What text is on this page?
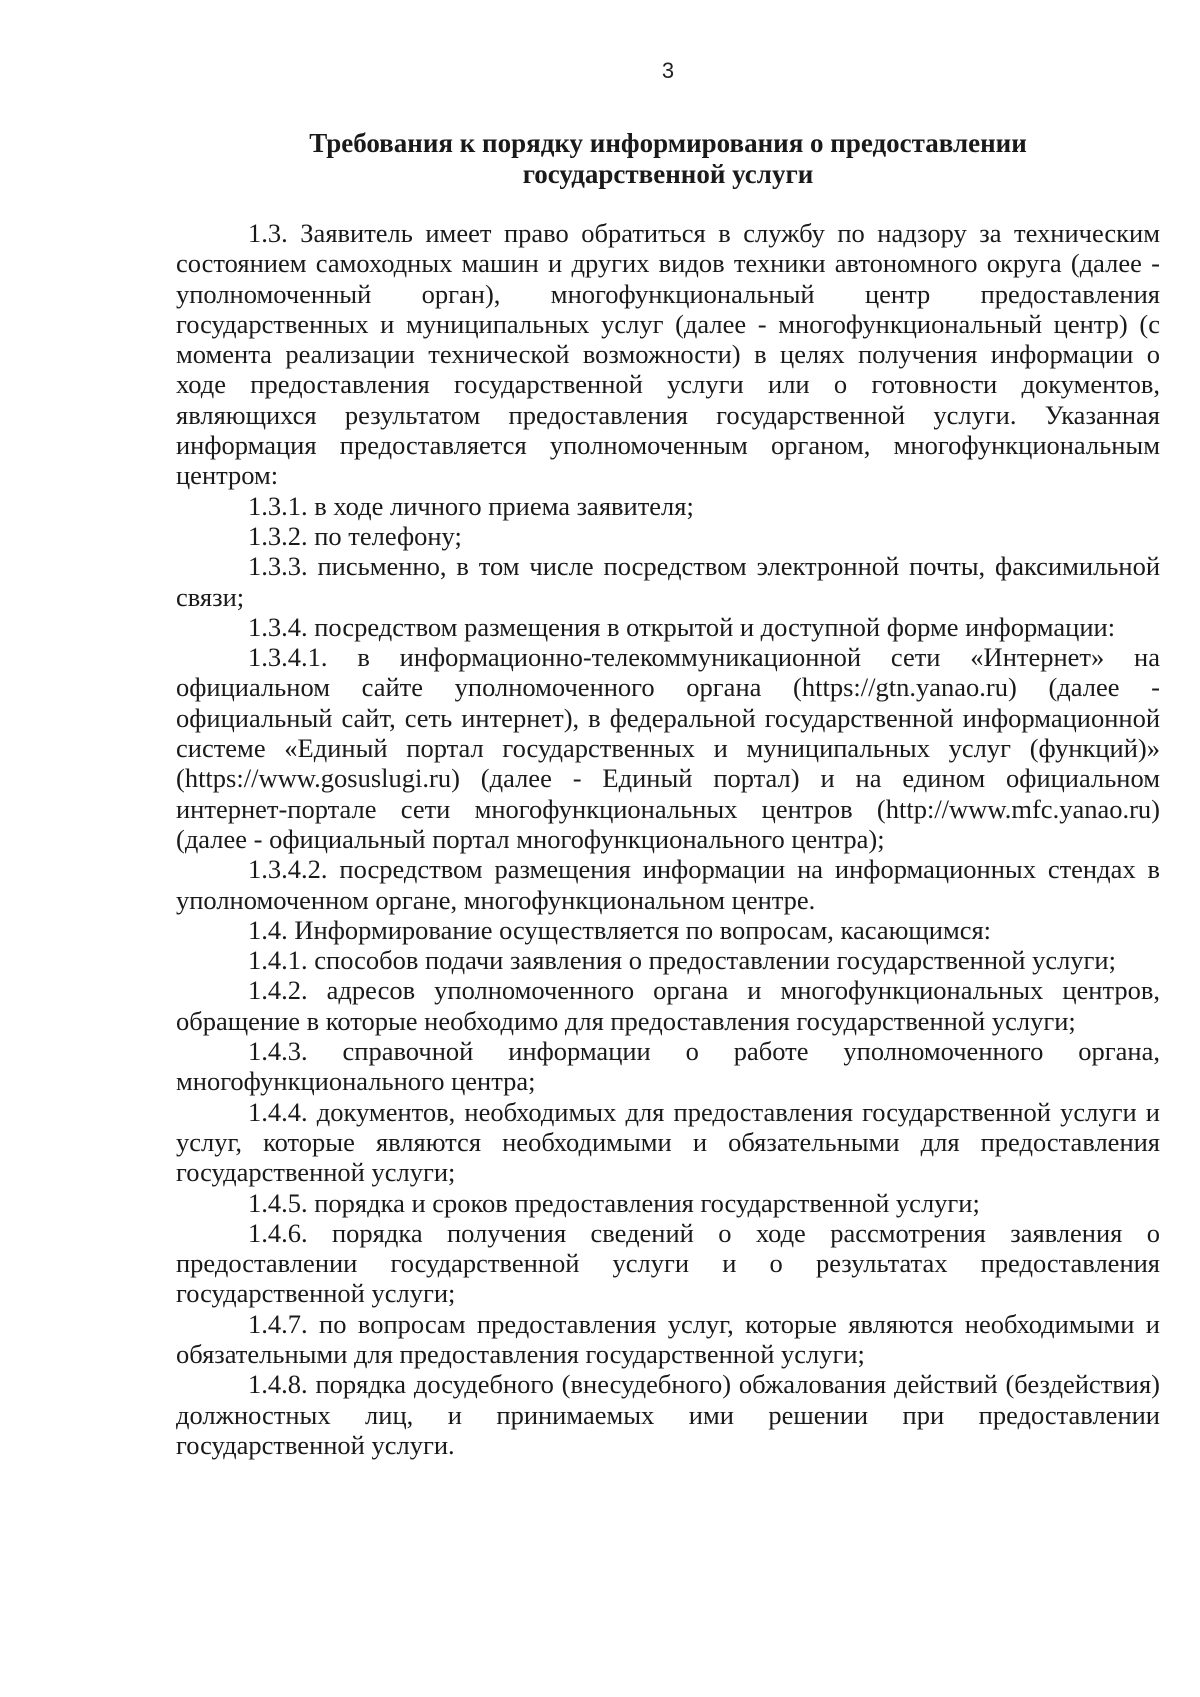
3
Требования к порядку информирования о предоставлении
государственной услуги

1.3. Заявитель имеет право обратиться в службу по надзору за техническим состоянием самоходных машин и других видов техники автономного округа (далее - уполномоченный орган), многофункциональный центр предоставления государственных и муниципальных услуг (далее - многофункциональный центр) (с момента реализации технической возможности) в целях получения информации о ходе предоставления государственной услуги или о готовности документов, являющихся результатом предоставления государственной услуги. Указанная информация предоставляется уполномоченным органом, многофункциональным центром:

1.3.1. в ходе личного приема заявителя;

1.3.2. по телефону;

1.3.3. письменно, в том числе посредством электронной почты, факсимильной связи;

1.3.4. посредством размещения в открытой и доступной форме информации:

1.3.4.1. в информационно-телекоммуникационной сети «Интернет» на официальном сайте уполномоченного органа (https://gtn.yanao.ru) (далее - официальный сайт, сеть интернет), в федеральной государственной информационной системе «Единый портал государственных и муниципальных услуг (функций)» (https://www.gosuslugi.ru) (далее - Единый портал) и на едином официальном интернет-портале сети многофункциональных центров (http://www.mfc.yanao.ru) (далее - официальный портал многофункционального центра);

1.3.4.2. посредством размещения информации на информационных стендах в уполномоченном органе, многофункциональном центре.

1.4. Информирование осуществляется по вопросам, касающимся:

1.4.1. способов подачи заявления о предоставлении государственной услуги;

1.4.2. адресов уполномоченного органа и многофункциональных центров, обращение в которые необходимо для предоставления государственной услуги;

1.4.3. справочной информации о работе уполномоченного органа, многофункционального центра;

1.4.4. документов, необходимых для предоставления государственной услуги и услуг, которые являются необходимыми и обязательными для предоставления государственной услуги;

1.4.5. порядка и сроков предоставления государственной услуги;

1.4.6. порядка получения сведений о ходе рассмотрения заявления о предоставлении государственной услуги и о результатах предоставления государственной услуги;

1.4.7. по вопросам предоставления услуг, которые являются необходимыми и обязательными для предоставления государственной услуги;

1.4.8. порядка досудебного (внесудебного) обжалования действий (бездействия) должностных лиц, и принимаемых ими решении при предоставлении государственной услуги.
